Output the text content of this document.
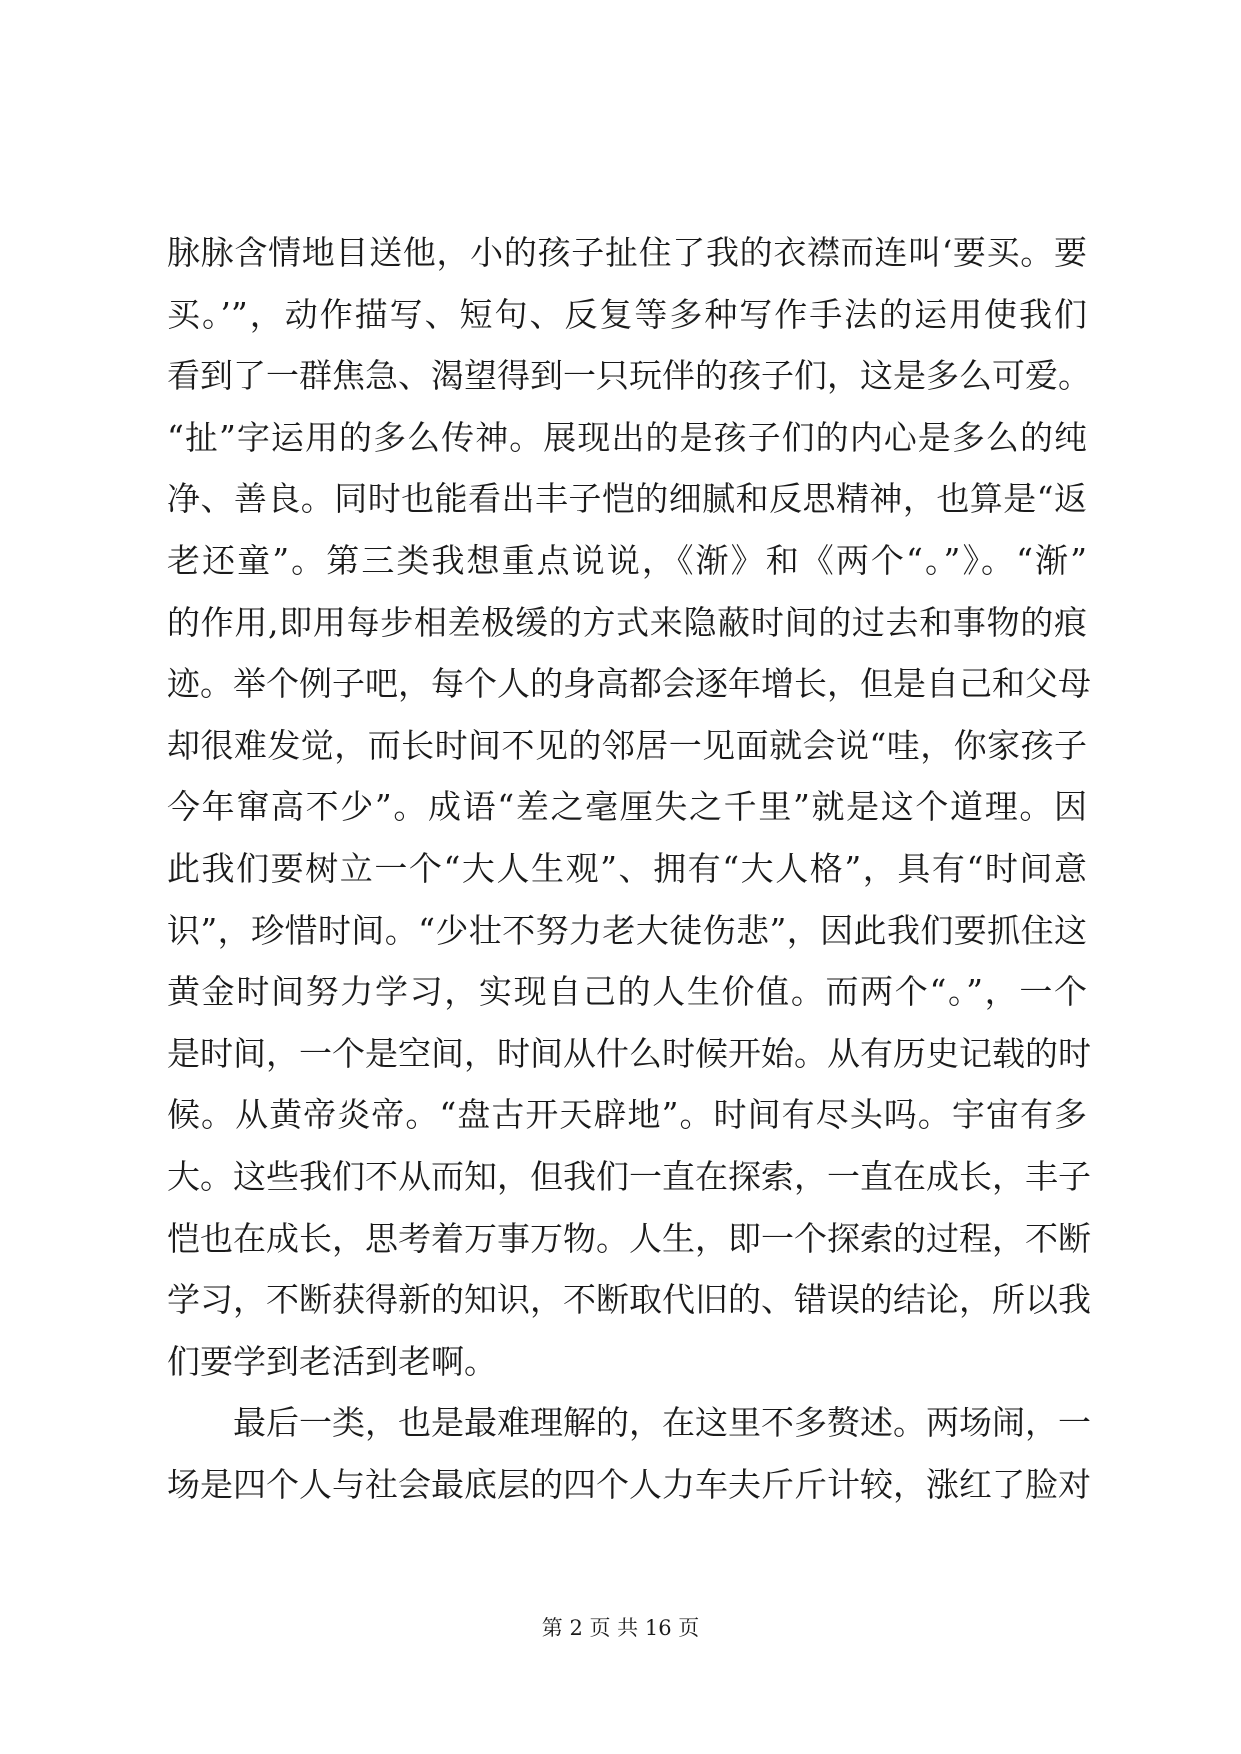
脉脉含情地目送他，小的孩子扯住了我的衣襟而连叫‘要买。要
买。’”，动作描写、短句、反复等多种写作手法的运用使我们
看到了一群焦急、渴望得到一只玩伴的孩子们，这是多么可爱。
“扯”字运用的多么传神。展现出的是孩子们的内心是多么的纯
净、善良。同时也能看出丰子恺的细腻和反思精神，也算是“返
老还童”。第三类我想重点说说，《渐》和《两个“。”》。“渐”
的作用,即用每步相差极缓的方式来隐蔽时间的过去和事物的痕
迹。举个例子吧，每个人的身高都会逐年增长，但是自己和父母
却很难发觉，而长时间不见的邻居一见面就会说“哇，你家孩子
今年窜高不少”。成语“差之毫厘失之千里”就是这个道理。因
此我们要树立一个“大人生观”、拥有“大人格”，具有“时间意
识”，珍惜时间。“少壮不努力老大徒伤悲”，因此我们要抓住这
黄金时间努力学习，实现自己的人生价值。而两个“。”，一个
是时间，一个是空间，时间从什么时候开始。从有历史记载的时
候。从黄帝炎帝。“盘古开天辟地”。时间有尽头吗。宇宙有多
大。这些我们不从而知，但我们一直在探索，一直在成长，丰子
恺也在成长，思考着万事万物。人生，即一个探索的过程，不断
学习，不断获得新的知识，不断取代旧的、错误的结论，所以我
们要学到老活到老啊。
最后一类，也是最难理解的，在这里不多赘述。两场闹，一
场是四个人与社会最底层的四个人力车夫斤斤计较，涨红了脸对
第 2 页 共 16 页
